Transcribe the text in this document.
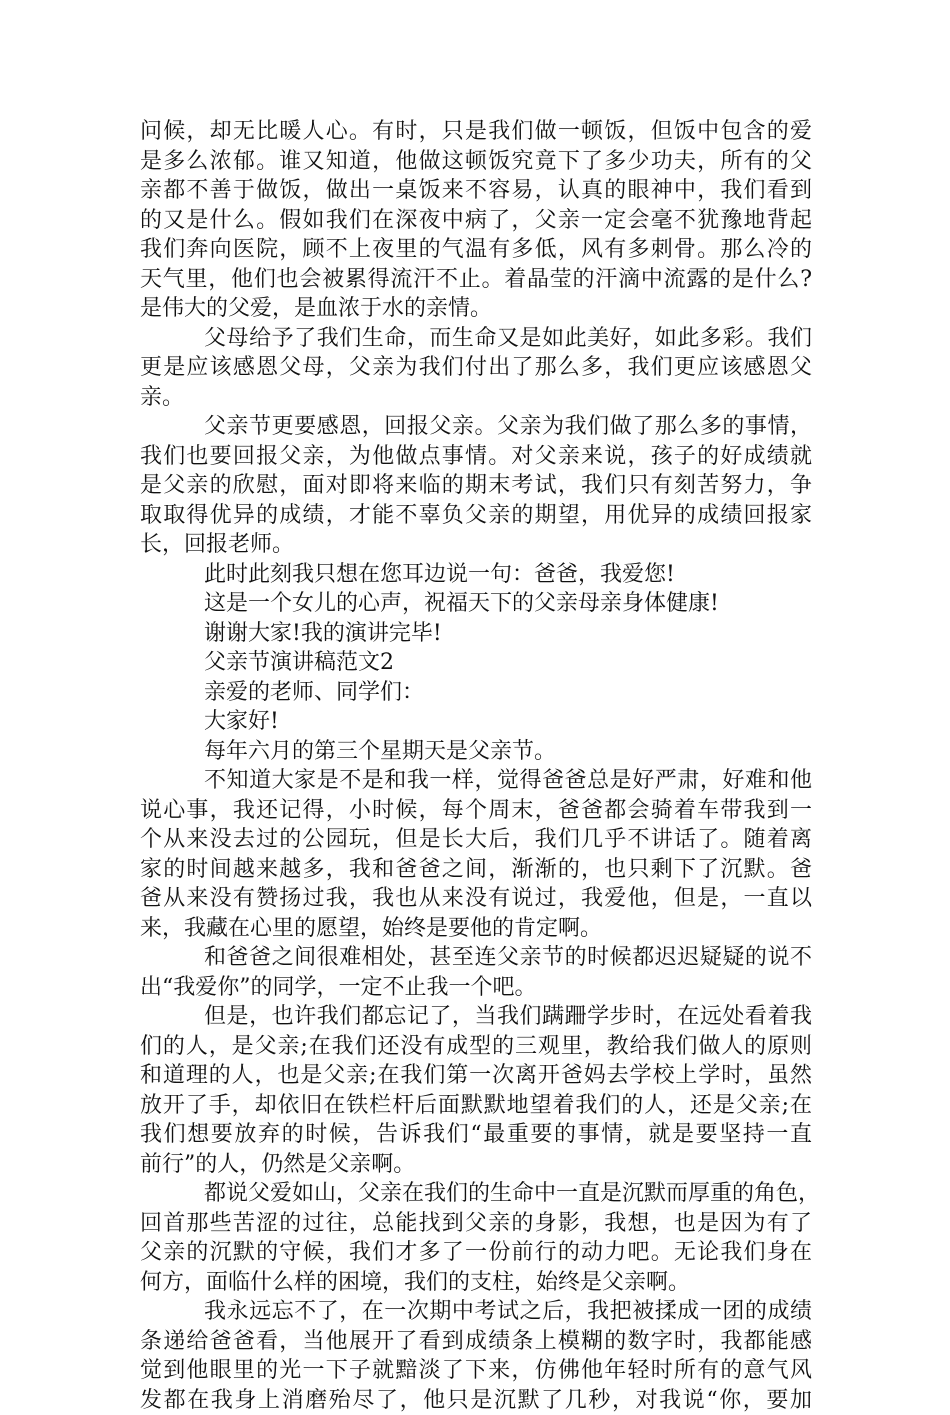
问候，却无比暖人心。有时，只是我们做一顿饭，但饭中包含的爱
是多么浓郁。谁又知道，他做这顿饭究竟下了多少功夫，所有的父
亲都不善于做饭，做出一桌饭来不容易，认真的眼神中，我们看到
的又是什么。假如我们在深夜中病了，父亲一定会毫不犹豫地背起
我们奔向医院，顾不上夜里的气温有多低，风有多刺骨。那么冷的
天气里，他们也会被累得流汗不止。着晶莹的汗滴中流露的是什么?
是伟大的父爱，是血浓于水的亲情。
父母给予了我们生命，而生命又是如此美好，如此多彩。我们
更是应该感恩父母，父亲为我们付出了那么多，我们更应该感恩父
亲。
父亲节更要感恩，回报父亲。父亲为我们做了那么多的事情，
我们也要回报父亲，为他做点事情。对父亲来说，孩子的好成绩就
是父亲的欣慰，面对即将来临的期末考试，我们只有刻苦努力，争
取取得优异的成绩，才能不辜负父亲的期望，用优异的成绩回报家
长，回报老师。
此时此刻我只想在您耳边说一句：爸爸，我爱您!
这是一个女儿的心声，祝福天下的父亲母亲身体健康!
谢谢大家!我的演讲完毕!
父亲节演讲稿范文2
亲爱的老师、同学们：
大家好!
每年六月的第三个星期天是父亲节。
不知道大家是不是和我一样，觉得爸爸总是好严肃，好难和他
说心事，我还记得，小时候，每个周末，爸爸都会骑着车带我到一
个从来没去过的公园玩，但是长大后，我们几乎不讲话了。随着离
家的时间越来越多，我和爸爸之间，渐渐的，也只剩下了沉默。爸
爸从来没有赞扬过我，我也从来没有说过，我爱他，但是，一直以
来，我藏在心里的愿望，始终是要他的肯定啊。
和爸爸之间很难相处，甚至连父亲节的时候都迟迟疑疑的说不
出“我爱你”的同学，一定不止我一个吧。
但是，也许我们都忘记了，当我们蹒跚学步时，在远处看着我
们的人，是父亲;在我们还没有成型的三观里，教给我们做人的原则
和道理的人，也是父亲;在我们第一次离开爸妈去学校上学时，虽然
放开了手，却依旧在铁栏杆后面默默地望着我们的人，还是父亲;在
我们想要放弃的时候，告诉我们“最重要的事情，就是要坚持一直
前行”的人，仍然是父亲啊。
都说父爱如山，父亲在我们的生命中一直是沉默而厚重的角色，
回首那些苦涩的过往，总能找到父亲的身影，我想，也是因为有了
父亲的沉默的守候，我们才多了一份前行的动力吧。无论我们身在
何方，面临什么样的困境，我们的支柱，始终是父亲啊。
我永远忘不了，在一次期中考试之后，我把被揉成一团的成绩
条递给爸爸看，当他展开了看到成绩条上模糊的数字时，我都能感
觉到他眼里的光一下子就黯淡了下来，仿佛他年轻时所有的意气风
发都在我身上消磨殆尽了，他只是沉默了几秒，对我说“你，要加
